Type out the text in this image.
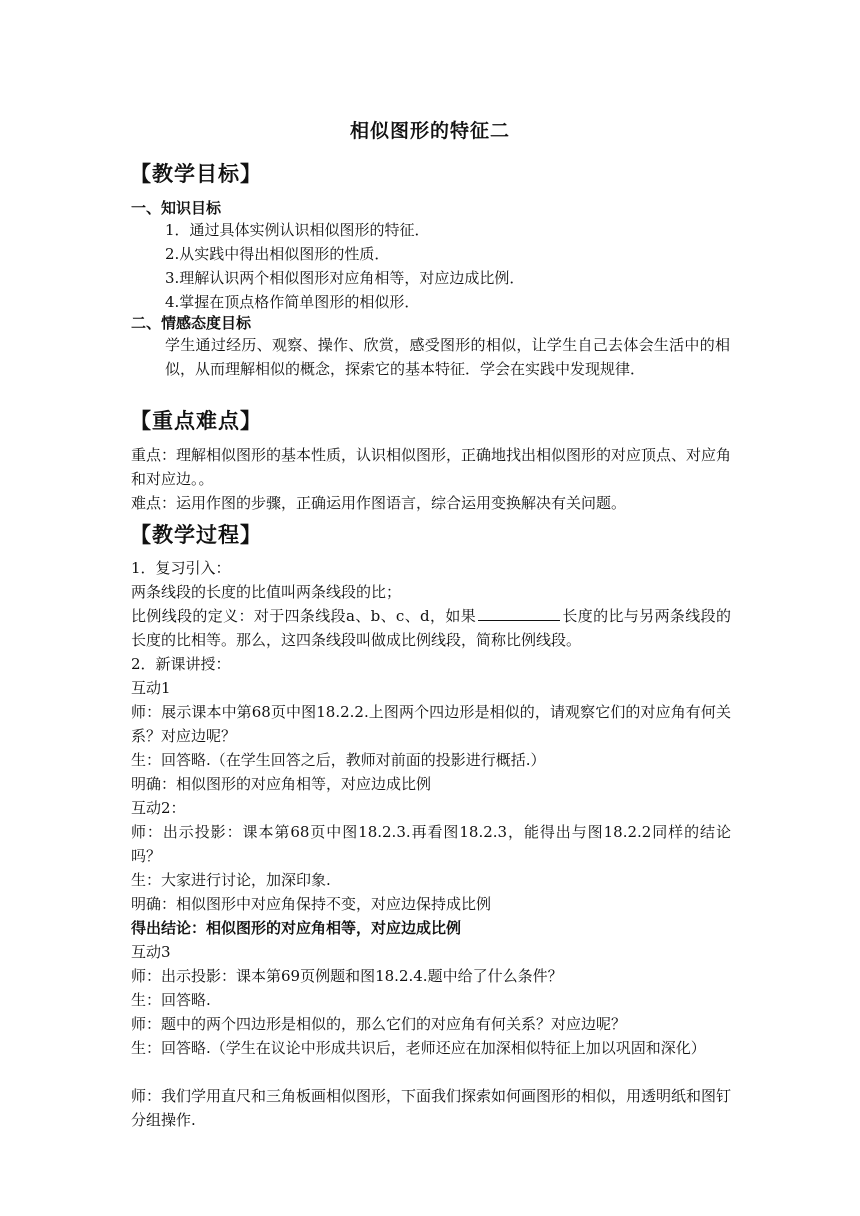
相似图形的特征二
【教学目标】
一、知识目标
1．通过具体实例认识相似图形的特征．
2.从实践中得出相似图形的性质．
3.理解认识两个相似图形对应角相等，对应边成比例．
4.掌握在顶点格作简单图形的相似形．
二、情感态度目标
学生通过经历、观察、操作、欣赏，感受图形的相似，让学生自己去体会生活中的相似，从而理解相似的概念，探索它的基本特征．学会在实践中发现规律．
【重点难点】
重点：理解相似图形的基本性质，认识相似图形，正确地找出相似图形的对应顶点、对应角和对应边。。
难点：运用作图的步骤，正确运用作图语言，综合运用变换解决有关问题。
【教学过程】
1．复习引入：
两条线段的长度的比值叫两条线段的比；
比例线段的定义：对于四条线段a、b、c、d，如果	长度的比与另两条线段的长度的比相等。那么，这四条线段叫做成比例线段，简称比例线段。
2．新课讲授：
互动1
师：展示课本中第68页中图18.2.2.上图两个四边形是相似的，请观察它们的对应角有何关系？对应边呢？
生：回答略.（在学生回答之后，教师对前面的投影进行概括.）
明确：相似图形的对应角相等，对应边成比例
互动2：
师：出示投影：课本第68页中图18.2.3.再看图18.2.3，能得出与图18.2.2同样的结论吗？
生：大家进行讨论，加深印象.
明确：相似图形中对应角保持不变，对应边保持成比例
得出结论：相似图形的对应角相等，对应边成比例
互动3
师：出示投影：课本第69页例题和图18.2.4.题中给了什么条件？
生：回答略.
师：题中的两个四边形是相似的，那么它们的对应角有何关系？对应边呢？
生：回答略.（学生在议论中形成共识后，老师还应在加深相似特征上加以巩固和深化）
师：我们学用直尺和三角板画相似图形，下面我们探索如何画图形的相似，用透明纸和图钉分组操作.
